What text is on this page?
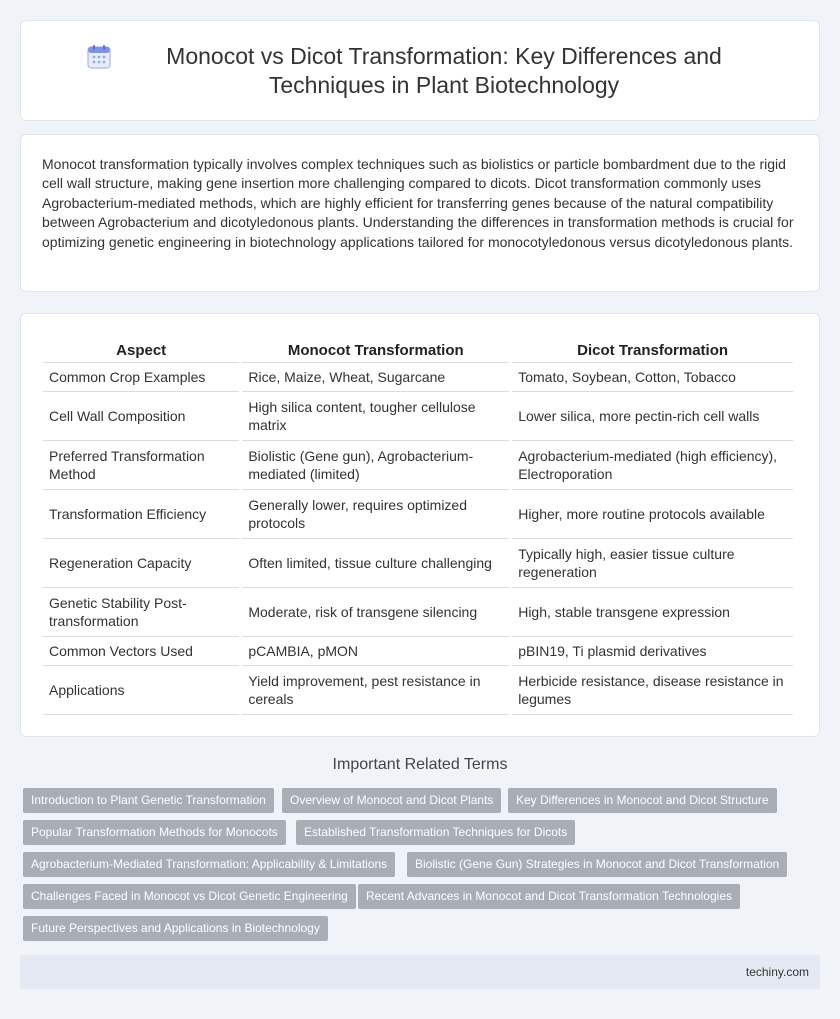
Monocot vs Dicot Transformation: Key Differences and Techniques in Plant Biotechnology

Monocot transformation typically involves complex techniques such as biolistics or particle bombardment due to the rigid cell wall structure, making gene insertion more challenging compared to dicots. Dicot transformation commonly uses Agrobacterium-mediated methods, which are highly efficient for transferring genes because of the natural compatibility between Agrobacterium and dicotyledonous plants. Understanding the differences in transformation methods is crucial for optimizing genetic engineering in biotechnology applications tailored for monocotyledonous versus dicotyledonous plants.

Aspect	Monocot Transformation	Dicot Transformation
Common Crop Examples	Rice, Maize, Wheat, Sugarcane	Tomato, Soybean, Cotton, Tobacco
Cell Wall Composition	High silica content, tougher cellulose matrix	Lower silica, more pectin-rich cell walls
Preferred Transformation Method	Biolistic (Gene gun), Agrobacterium-mediated (limited)	Agrobacterium-mediated (high efficiency), Electroporation
Transformation Efficiency	Generally lower, requires optimized protocols	Higher, more routine protocols available
Regeneration Capacity	Often limited, tissue culture challenging	Typically high, easier tissue culture regeneration
Genetic Stability Post-transformation	Moderate, risk of transgene silencing	High, stable transgene expression
Common Vectors Used	pCAMBIA, pMON	pBIN19, Ti plasmid derivatives
Applications	Yield improvement, pest resistance in cereals	Herbicide resistance, disease resistance in legumes
Important Related Terms
Introduction to Plant Genetic Transformation	Overview of Monocot and Dicot Plants	Key Differences in Monocot and Dicot Structure
Popular Transformation Methods for Monocots	Established Transformation Techniques for Dicots
Agrobacterium-Mediated Transformation: Applicability & Limitations	Biolistic (Gene Gun) Strategies in Monocot and Dicot Transformation
Challenges Faced in Monocot vs Dicot Genetic Engineering	Recent Advances in Monocot and Dicot Transformation Technologies
Future Perspectives and Applications in Biotechnology
techiny.com
